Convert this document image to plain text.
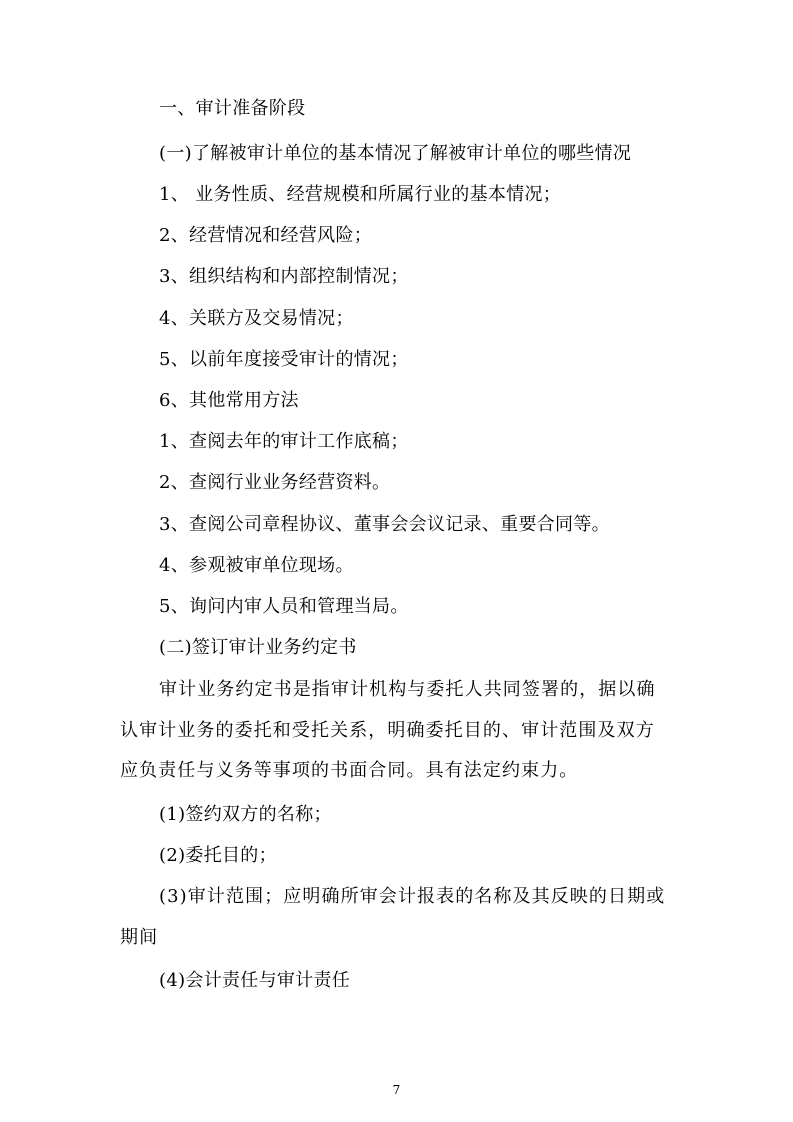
一、审计准备阶段
(一)了解被审计单位的基本情况了解被审计单位的哪些情况
1、 业务性质、经营规模和所属行业的基本情况；
2、经营情况和经营风险；
3、组织结构和内部控制情况；
4、关联方及交易情况；
5、以前年度接受审计的情况；
6、其他常用方法
1、查阅去年的审计工作底稿；
2、查阅行业业务经营资料。
3、查阅公司章程协议、董事会会议记录、重要合同等。
4、参观被审单位现场。
5、询问内审人员和管理当局。
(二)签订审计业务约定书

审计业务约定书是指审计机构与委托人共同签署的，据以确认审计业务的委托和受托关系，明确委托目的、审计范围及双方应负责任与义务等事项的书面合同。具有法定约束力。

(1)签约双方的名称；
(2)委托目的；

(3)审计范围；应明确所审会计报表的名称及其反映的日期或期间

(4)会计责任与审计责任
7
